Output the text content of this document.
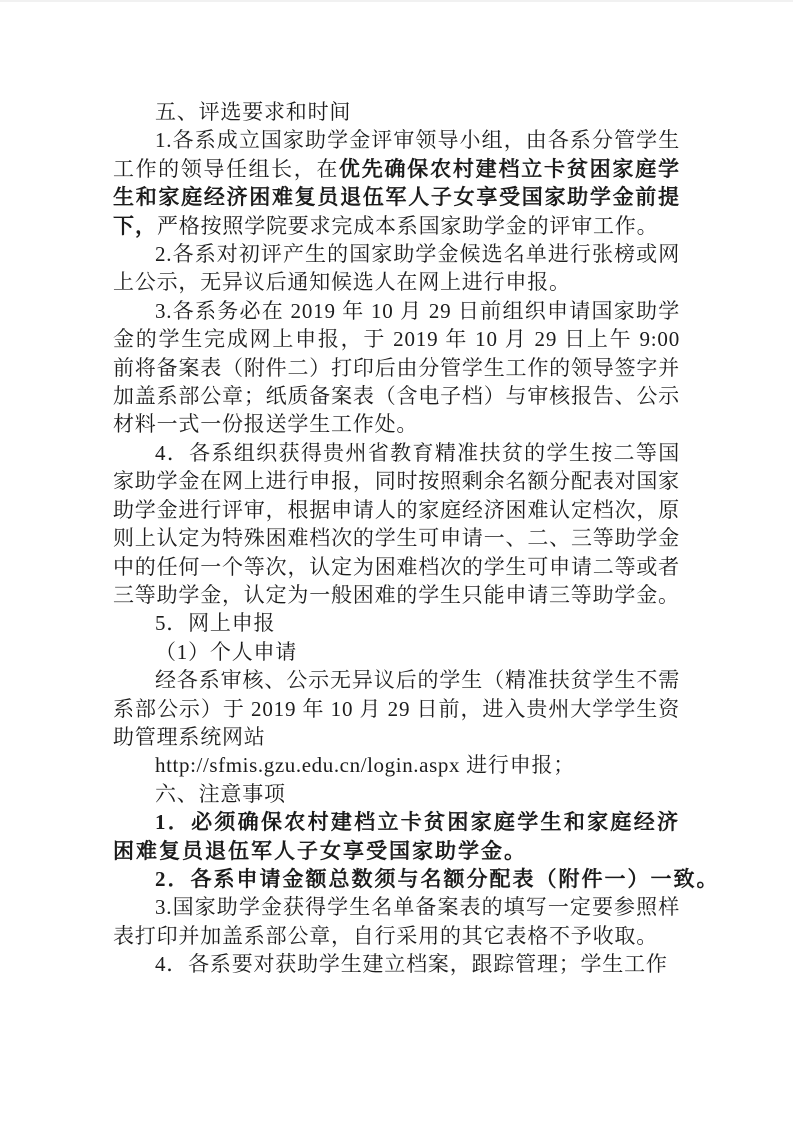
五、评选要求和时间

1.各系成立国家助学金评审领导小组，由各系分管学生工作的领导任组长，在优先确保农村建档立卡贫困家庭学生和家庭经济困难复员退伍军人子女享受国家助学金前提下，严格按照学院要求完成本系国家助学金的评审工作。

2.各系对初评产生的国家助学金候选名单进行张榜或网上公示，无异议后通知候选人在网上进行申报。

3.各系务必在 2019 年 10 月 29 日前组织申请国家助学金的学生完成网上申报，于 2019 年 10 月 29 日上午 9:00 前将备案表（附件二）打印后由分管学生工作的领导签字并加盖系部公章；纸质备案表（含电子档）与审核报告、公示材料一式一份报送学生工作处。

4．各系组织获得贵州省教育精准扶贫的学生按二等国家助学金在网上进行申报，同时按照剩余名额分配表对国家助学金进行评审，根据申请人的家庭经济困难认定档次，原则上认定为特殊困难档次的学生可申请一、二、三等助学金中的任何一个等次，认定为困难档次的学生可申请二等或者三等助学金，认定为一般困难的学生只能申请三等助学金。

5．网上申报

（1）个人申请

经各系审核、公示无异议后的学生（精准扶贫学生不需系部公示）于 2019 年 10 月 29 日前，进入贵州大学学生资助管理系统网站

http://sfmis.gzu.edu.cn/login.aspx 进行申报；

六、注意事项

1．必须确保农村建档立卡贫困家庭学生和家庭经济困难复员退伍军人子女享受国家助学金。

2．各系申请金额总数须与名额分配表（附件一）一致。

3.国家助学金获得学生名单备案表的填写一定要参照样表打印并加盖系部公章，自行采用的其它表格不予收取。

4．各系要对获助学生建立档案，跟踪管理；学生工作
